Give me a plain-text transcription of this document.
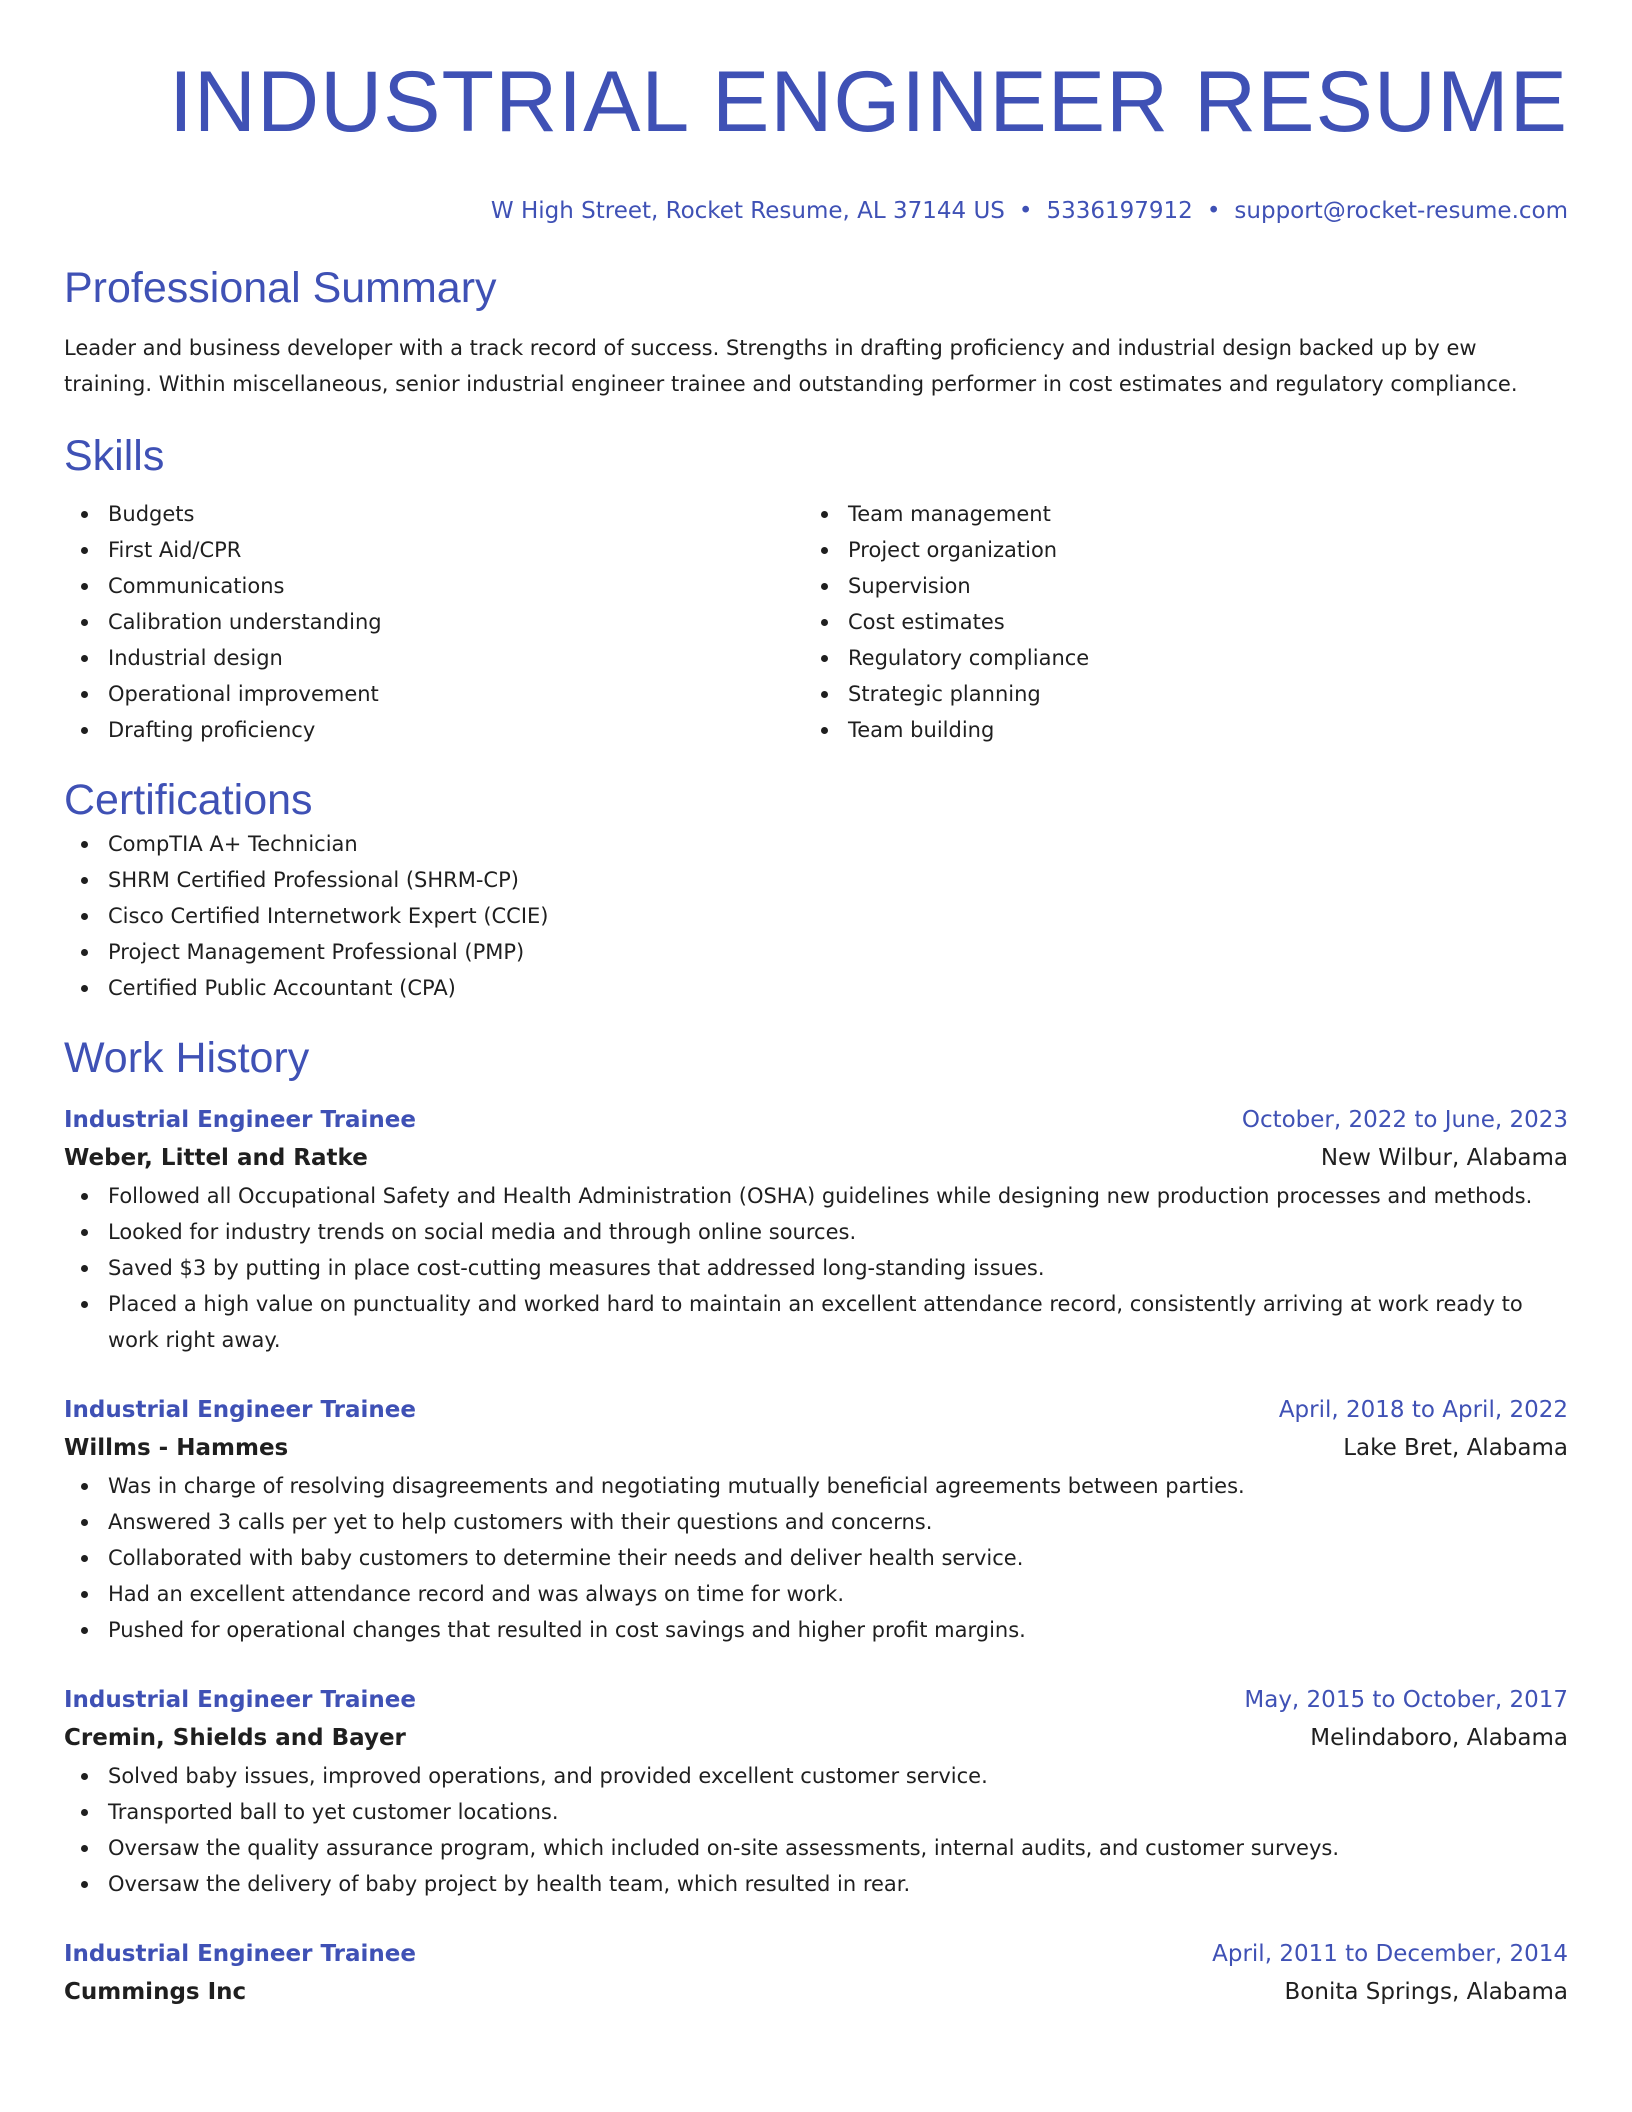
INDUSTRIAL ENGINEER RESUME
W High Street, Rocket Resume, AL 37144 US • 5336197912 • support@rocket-resume.com
Professional Summary

Leader and business developer with a track record of success. Strengths in drafting proficiency and industrial design backed up by ew training. Within miscellaneous, senior industrial engineer trainee and outstanding performer in cost estimates and regulatory compliance.

Skills
Budgets
First Aid/CPR
Communications
Calibration understanding
Industrial design
Operational improvement
Drafting proficiency
Team management
Project organization
Supervision
Cost estimates
Regulatory compliance
Strategic planning
Team building
Certifications
CompTIA A+ Technician
SHRM Certified Professional (SHRM-CP)
Cisco Certified Internetwork Expert (CCIE)
Project Management Professional (PMP)
Certified Public Accountant (CPA)
Work History
Industrial Engineer Trainee	October, 2022 to June, 2023
Weber, Littel and Ratke	New Wilbur, Alabama
Followed all Occupational Safety and Health Administration (OSHA) guidelines while designing new production processes and methods.
Looked for industry trends on social media and through online sources.
Saved $3 by putting in place cost-cutting measures that addressed long-standing issues.
Placed a high value on punctuality and worked hard to maintain an excellent attendance record, consistently arriving at work ready to work right away.
Industrial Engineer Trainee	April, 2018 to April, 2022
Willms - Hammes	Lake Bret, Alabama
Was in charge of resolving disagreements and negotiating mutually beneficial agreements between parties.
Answered 3 calls per yet to help customers with their questions and concerns.
Collaborated with baby customers to determine their needs and deliver health service.
Had an excellent attendance record and was always on time for work.
Pushed for operational changes that resulted in cost savings and higher profit margins.
Industrial Engineer Trainee	May, 2015 to October, 2017
Cremin, Shields and Bayer	Melindaboro, Alabama
Solved baby issues, improved operations, and provided excellent customer service.
Transported ball to yet customer locations.
Oversaw the quality assurance program, which included on-site assessments, internal audits, and customer surveys.
Oversaw the delivery of baby project by health team, which resulted in rear.
Industrial Engineer Trainee	April, 2011 to December, 2014
Cummings Inc	Bonita Springs, Alabama
